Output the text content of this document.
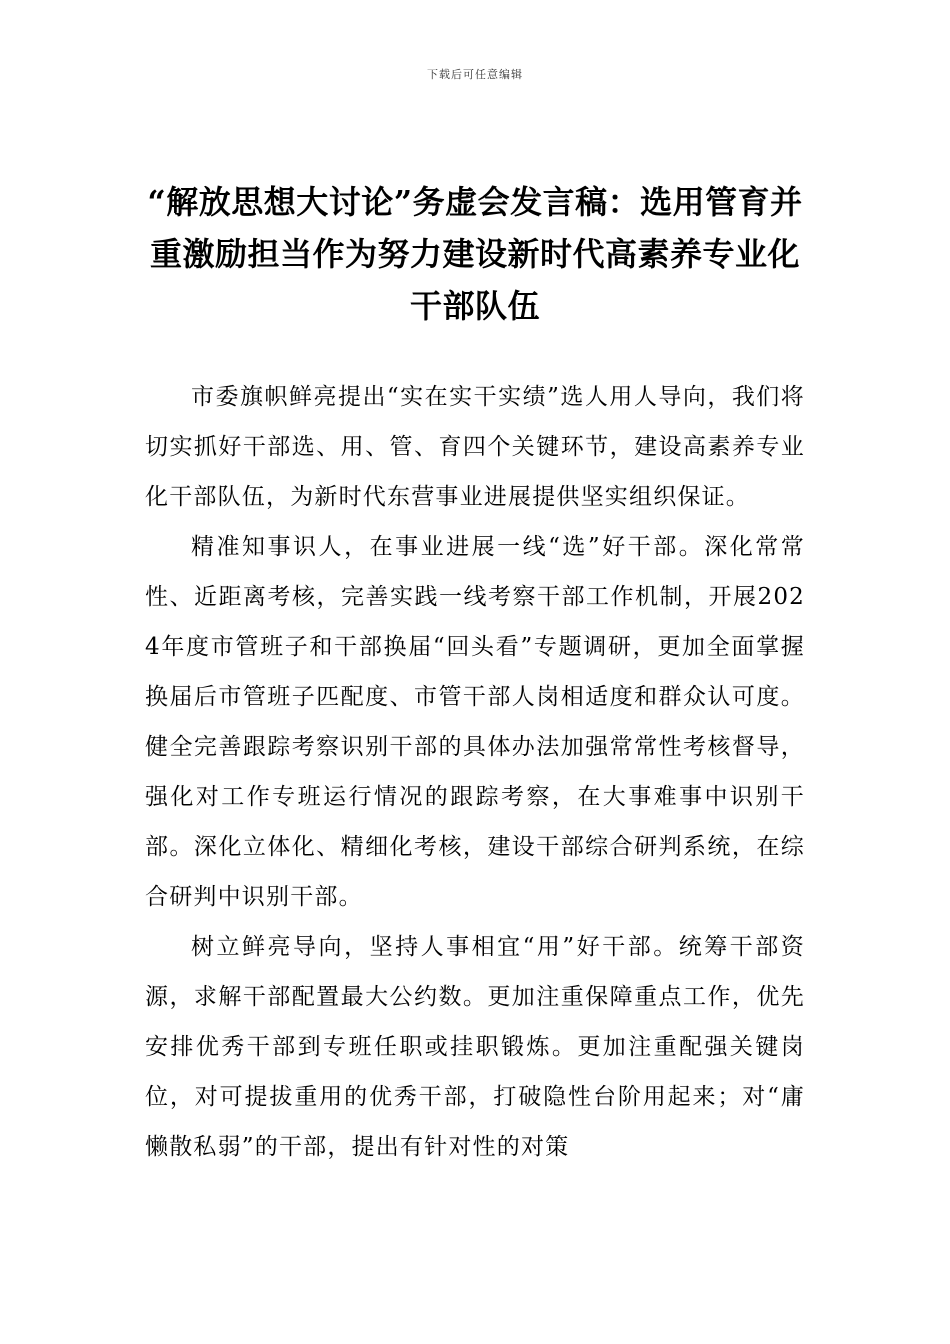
下载后可任意编辑
“解放思想大讨论”务虚会发言稿：选用管育并重激励担当作为努力建设新时代高素养专业化干部队伍

市委旗帜鲜亮提出“实在实干实绩”选人用人导向，我们将切实抓好干部选、用、管、育四个关键环节，建设高素养专业化干部队伍，为新时代东营事业进展提供坚实组织保证。

精准知事识人，在事业进展一线“选”好干部。深化常常性、近距离考核，完善实践一线考察干部工作机制，开展2024年度市管班子和干部换届“回头看”专题调研，更加全面掌握换届后市管班子匹配度、市管干部人岗相适度和群众认可度。健全完善跟踪考察识别干部的具体办法加强常常性考核督导，强化对工作专班运行情况的跟踪考察，在大事难事中识别干部。深化立体化、精细化考核，建设干部综合研判系统，在综合研判中识别干部。

树立鲜亮导向，坚持人事相宜“用”好干部。统筹干部资源，求解干部配置最大公约数。更加注重保障重点工作，优先安排优秀干部到专班任职或挂职锻炼。更加注重配强关键岗位，对可提拔重用的优秀干部，打破隐性台阶用起来；对“庸懒散私弱”的干部，提出有针对性的对策
